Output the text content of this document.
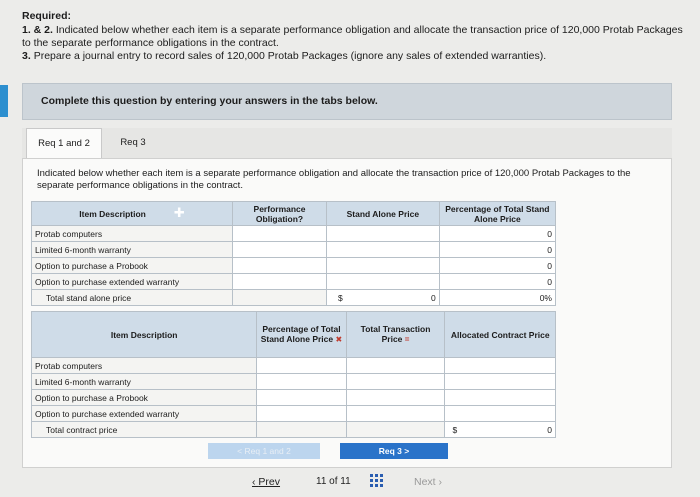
Required:
1. & 2. Indicated below whether each item is a separate performance obligation and allocate the transaction price of 120,000 Protab Packages to the separate performance obligations in the contract.
3. Prepare a journal entry to record sales of 120,000 Protab Packages (ignore any sales of extended warranties).
Complete this question by entering your answers in the tabs below.
Req 1 and 2	Req 3
Indicated below whether each item is a separate performance obligation and allocate the transaction price of 120,000 Protab Packages to the separate performance obligations in the contract.
Item Description ✚	Performance Obligation?	Stand Alone Price	Percentage of Total Stand Alone Price
Protab computers			0
Limited 6-month warranty			0
Option to purchase a Probook			0
Option to purchase extended warranty			0
Total stand alone price		$ 0	0%
Item Description	Percentage of Total Stand Alone Price ✖	Total Transaction Price =	Allocated Contract Price
Protab computers			
Limited 6-month warranty			
Option to purchase a Probook			
Option to purchase extended warranty			
Total contract price			$ 0
< Req 1 and 2	Req 3 >
‹ Prev	11 of 11	Next ›
